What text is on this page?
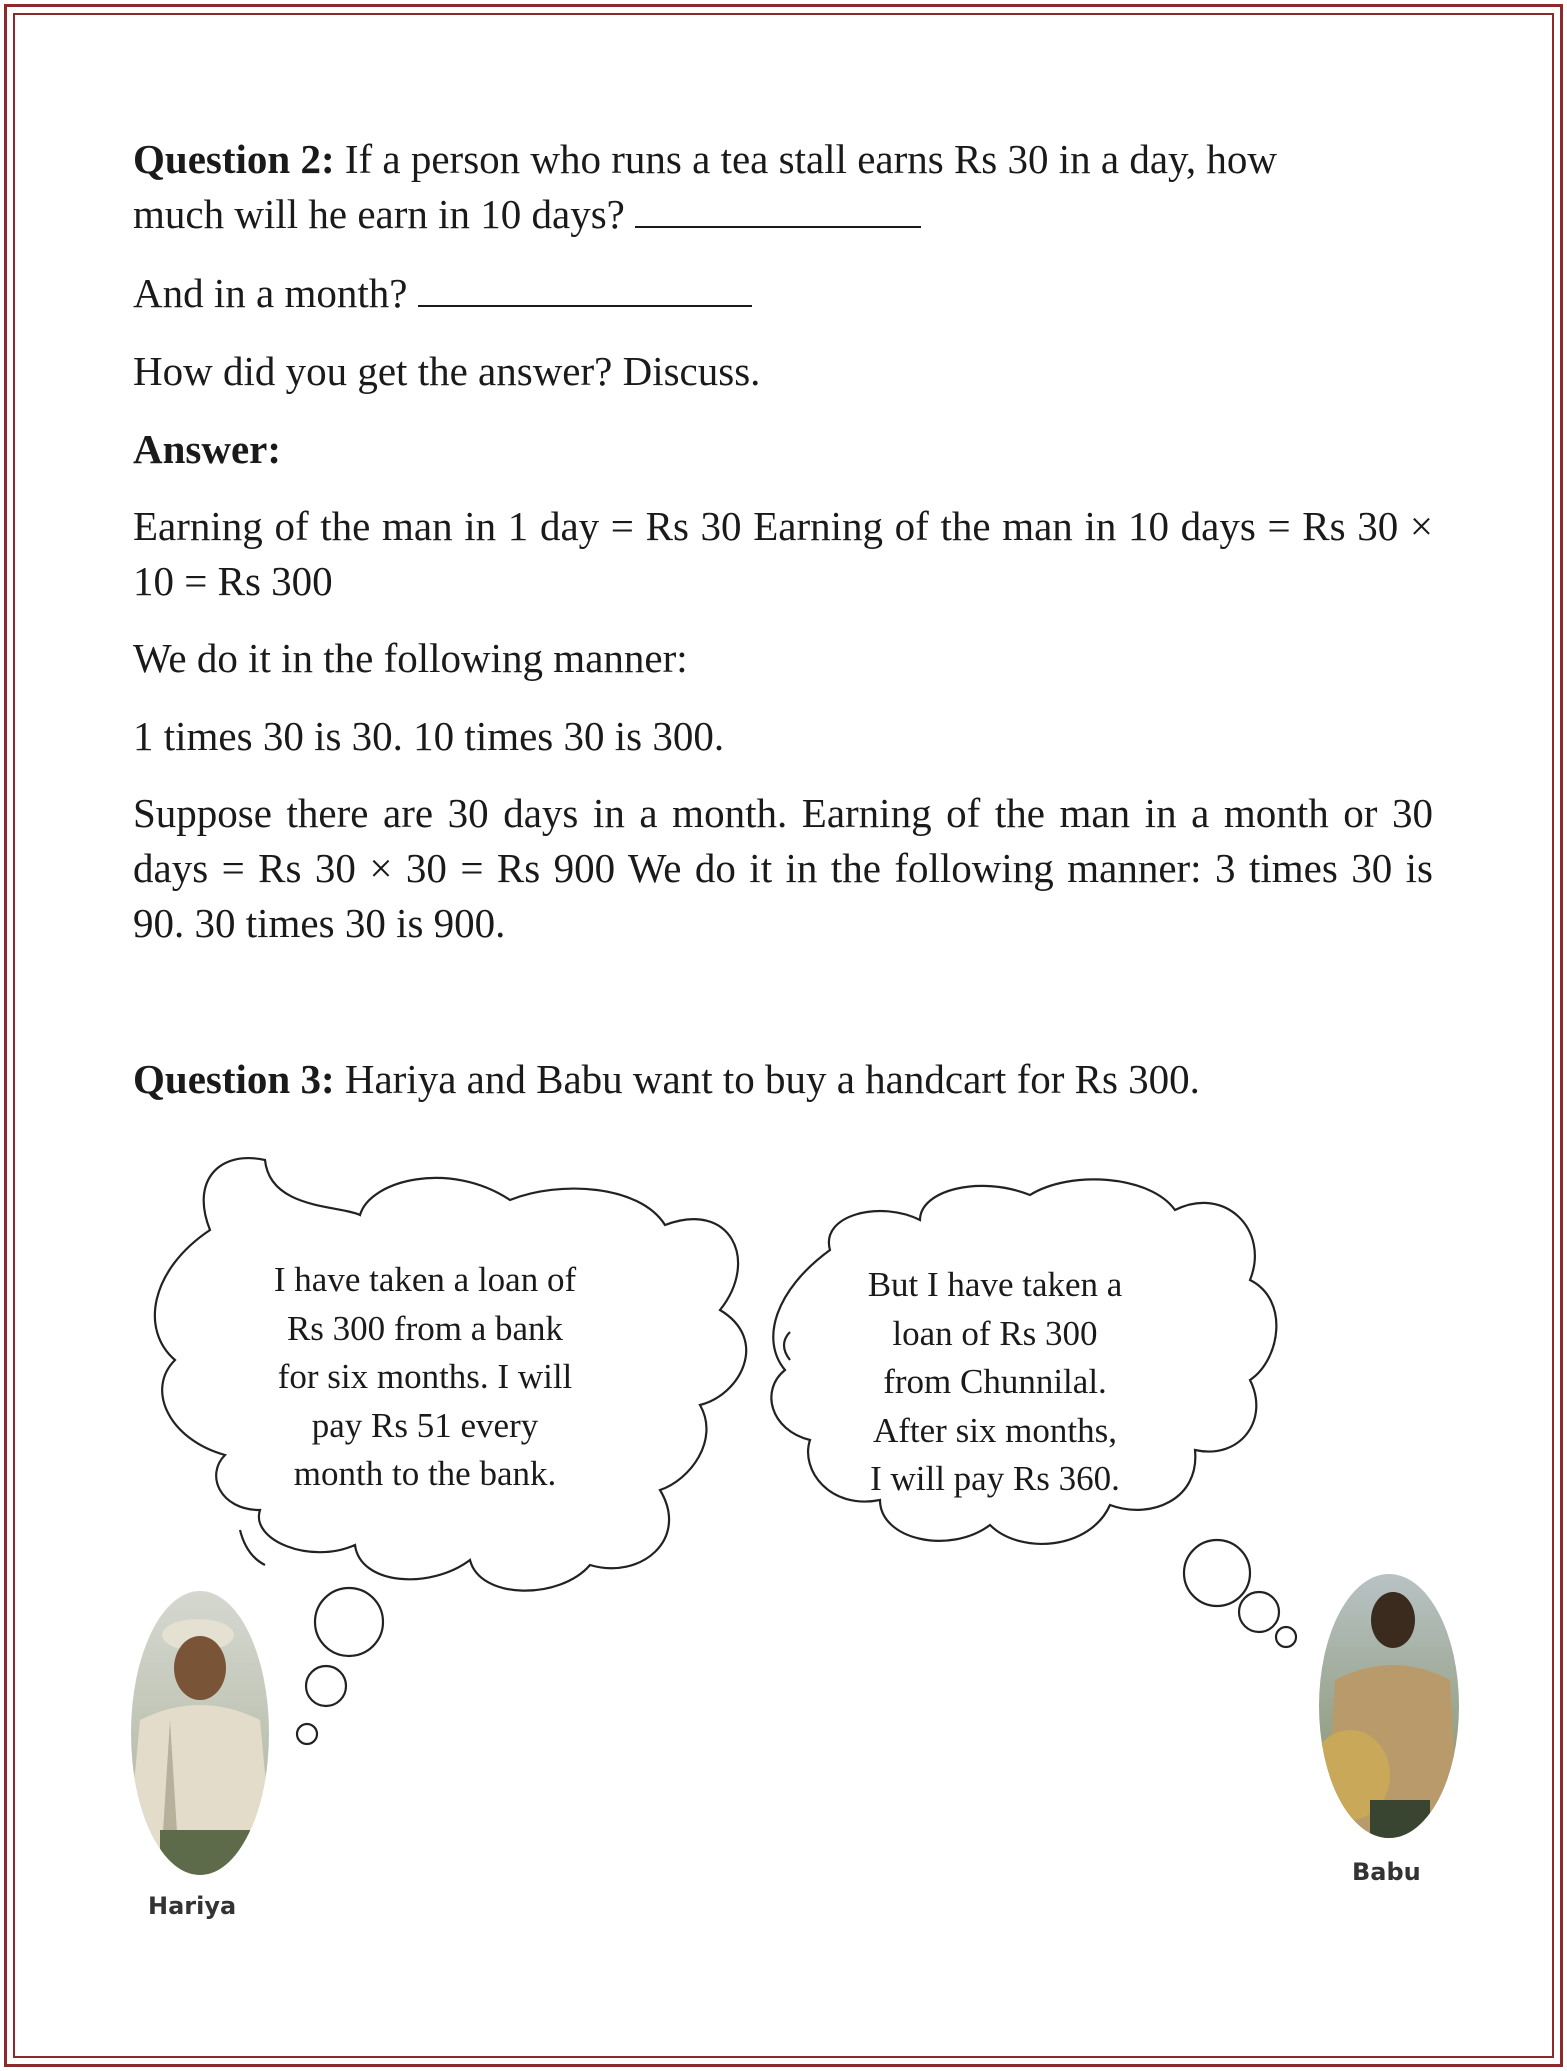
Question 2: If a person who runs a tea stall earns Rs 30 in a day, how
much will he earn in 10 days?

And in a month?

How did you get the answer? Discuss.

Answer:

Earning of the man in 1 day = Rs 30 Earning of the man in 10 days = Rs 30 × 10 = Rs 300

We do it in the following manner:

1 times 30 is 30. 10 times 30 is 300.

Suppose there are 30 days in a month. Earning of the man in a month or 30 days = Rs 30 × 30 = Rs 900 We do it in the following manner: 3 times 30 is 90. 30 times 30 is 900.

Question 3: Hariya and Babu want to buy a handcart for Rs 300.

I have taken a loan of
Rs 300 from a bank
for six months. I will
pay Rs 51 every
month to the bank.
But I have taken a
loan of Rs 300
from Chunnilal.
After six months,
I will pay Rs 360.
Hariya
Babu
